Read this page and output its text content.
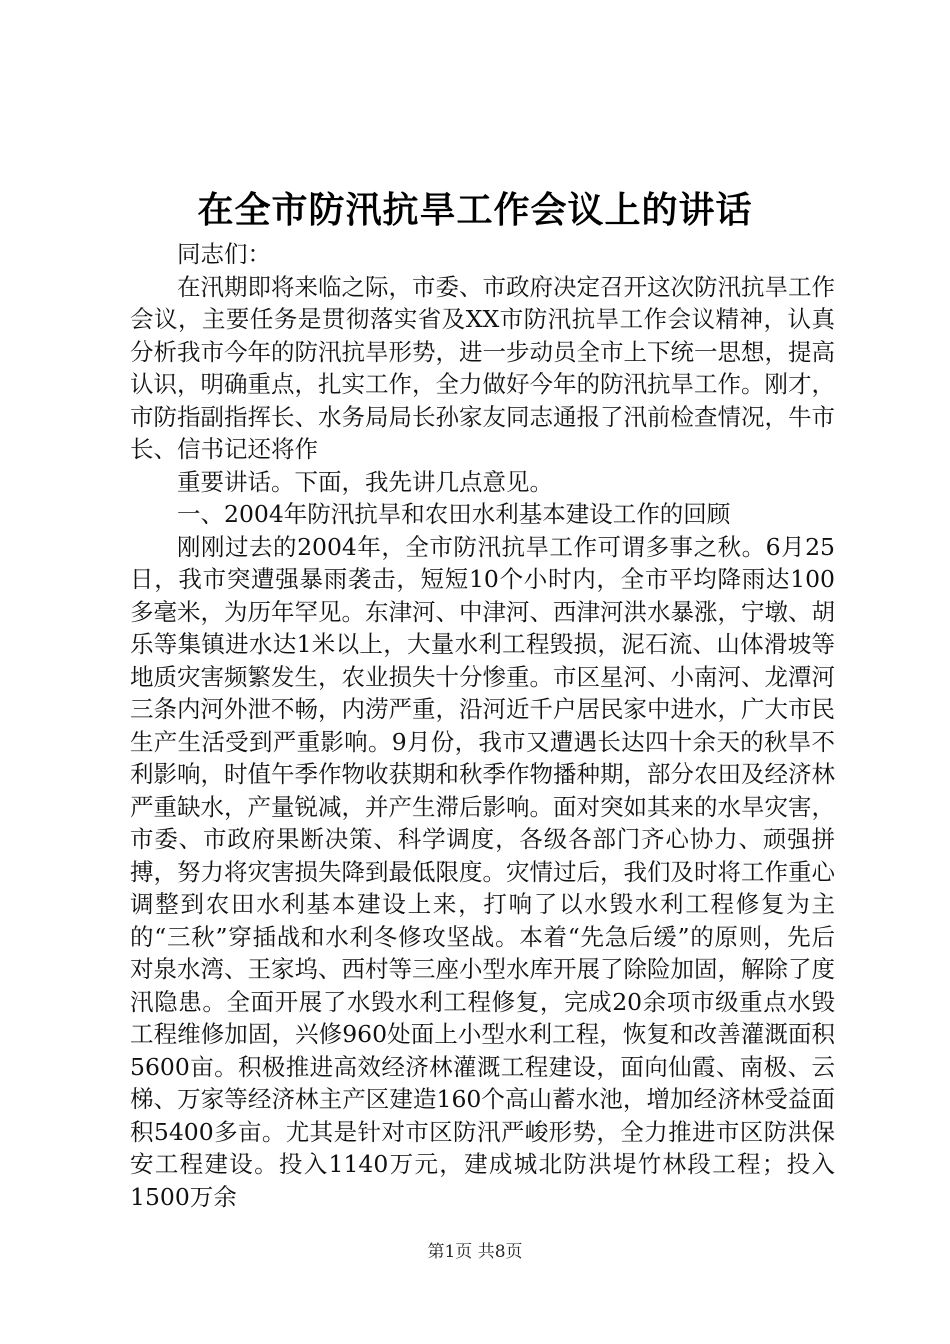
在全市防汛抗旱工作会议上的讲话

同志们：

在汛期即将来临之际，市委、市政府决定召开这次防汛抗旱工作会议，主要任务是贯彻落实省及XX市防汛抗旱工作会议精神，认真分析我市今年的防汛抗旱形势，进一步动员全市上下统一思想，提高认识，明确重点，扎实工作，全力做好今年的防汛抗旱工作。刚才，市防指副指挥长、水务局局长孙家友同志通报了汛前检查情况，牛市长、信书记还将作

重要讲话。下面，我先讲几点意见。

一、2004年防汛抗旱和农田水利基本建设工作的回顾

刚刚过去的2004年，全市防汛抗旱工作可谓多事之秋。6月25日，我市突遭强暴雨袭击，短短10个小时内，全市平均降雨达100多毫米，为历年罕见。东津河、中津河、西津河洪水暴涨，宁墩、胡乐等集镇进水达1米以上，大量水利工程毁损，泥石流、山体滑坡等地质灾害频繁发生，农业损失十分惨重。市区星河、小南河、龙潭河三条内河外泄不畅，内涝严重，沿河近千户居民家中进水，广大市民生产生活受到严重影响。9月份，我市又遭遇长达四十余天的秋旱不利影响，时值午季作物收获期和秋季作物播种期，部分农田及经济林严重缺水，产量锐减，并产生滞后影响。面对突如其来的水旱灾害，市委、市政府果断决策、科学调度，各级各部门齐心协力、顽强拼搏，努力将灾害损失降到最低限度。灾情过后，我们及时将工作重心调整到农田水利基本建设上来，打响了以水毁水利工程修复为主的“三秋”穿插战和水利冬修攻坚战。本着“先急后缓”的原则，先后对泉水湾、王家坞、西村等三座小型水库开展了除险加固，解除了度汛隐患。全面开展了水毁水利工程修复，完成20余项市级重点水毁工程维修加固，兴修960处面上小型水利工程，恢复和改善灌溉面积5600亩。积极推进高效经济林灌溉工程建设，面向仙霞、南极、云梯、万家等经济林主产区建造160个高山蓄水池，增加经济林受益面积5400多亩。尤其是针对市区防汛严峻形势，全力推进市区防洪保安工程建设。投入1140万元，建成城北防洪堤竹林段工程；投入1500万余

第1页 共8页
